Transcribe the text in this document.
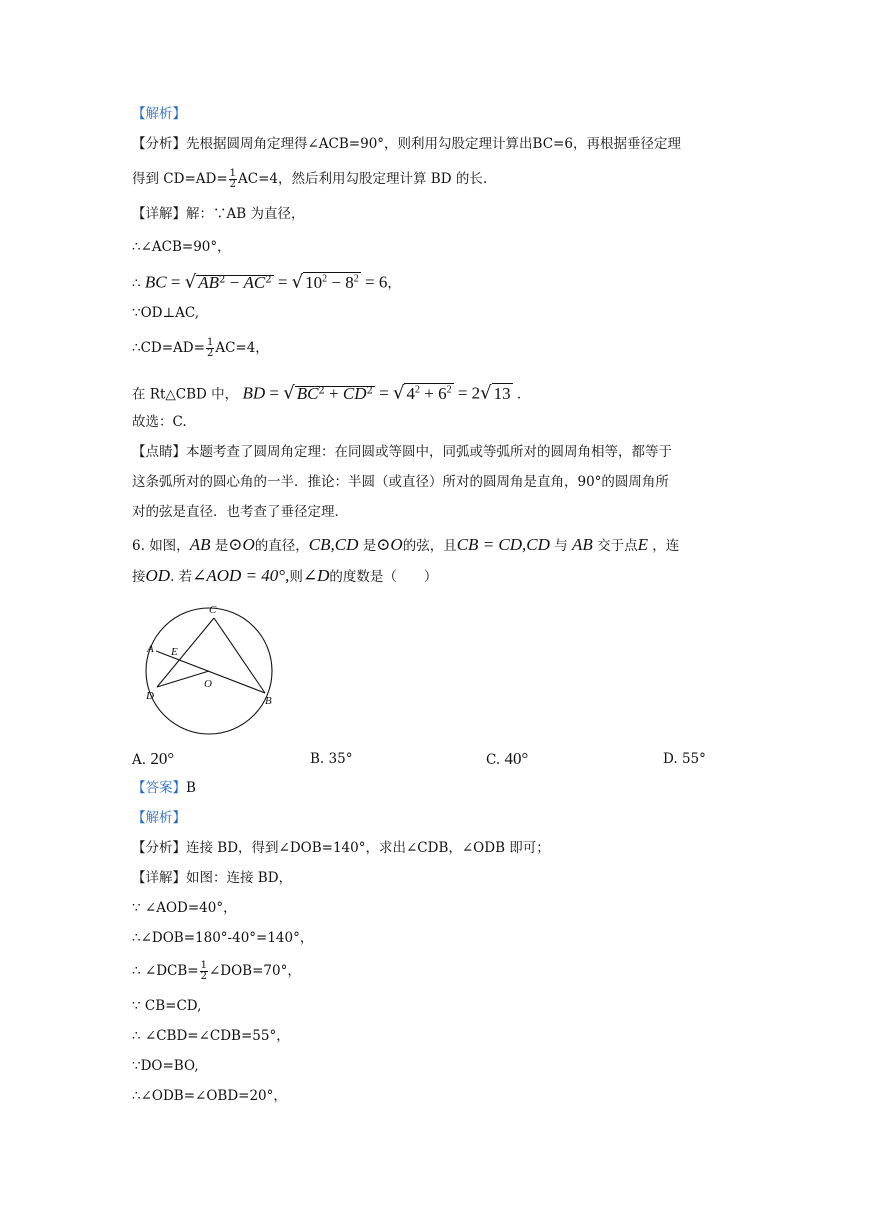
【解析】
【分析】先根据圆周角定理得∠ACB=90°，则利用勾股定理计算出BC=6，再根据垂径定理
得到 $CD=AD= \frac{1}{2} AC=4$，然后利用勾股定理计算 BD 的长.
【详解】解：∵AB 为直径，
∴∠ACB=90°，
∴ BC = √ $AB^2 - AC^2$ = √ $10^2 - 8^2 = 6$，
∵OD⊥AC,
∴CD=AD= $\frac{1}{2} AC=4$，
在 Rt△CBD 中， BD = √ $BC^2 + CD^2$ = √ $4^2 + 6^2 = 2√$ 13 .
故选：C.
【点睛】本题考查了圆周角定理：在同圆或等圆中，同弧或等弧所对的圆周角相等，都等于
这条弧所对的圆心角的一半．推论：半圆（或直径）所对的圆周角是直角，90°的圆周角所
对的弦是直径．也考查了垂径定理．
6. 如图，AB 是⊙O的直径，CB,CD 是⊙O的弦，且CB = CD,CD 与 AB 交于点E ，连
接OD. 若∠AOD = 40°,则∠D的度数是（　　）
C
A E
O
D	B
A. 20°	B. 35°	C. 40°	D. 55°
【答案】B
【解析】
【分析】连接 BD，得到∠DOB=140°，求出∠CDB，∠ODB 即可；
【详解】如图：连接 BD，
∵ ∠AOD=40°，
∴∠DOB=180°-40°=140°，
∴ ∠DCB= $\frac{1}{2}$ ∠DOB=70°，
∵ CB=CD,
∴ ∠CBD=∠CDB=55°，
∵DO=BO,
∴∠ODB=∠OBD=20°，
